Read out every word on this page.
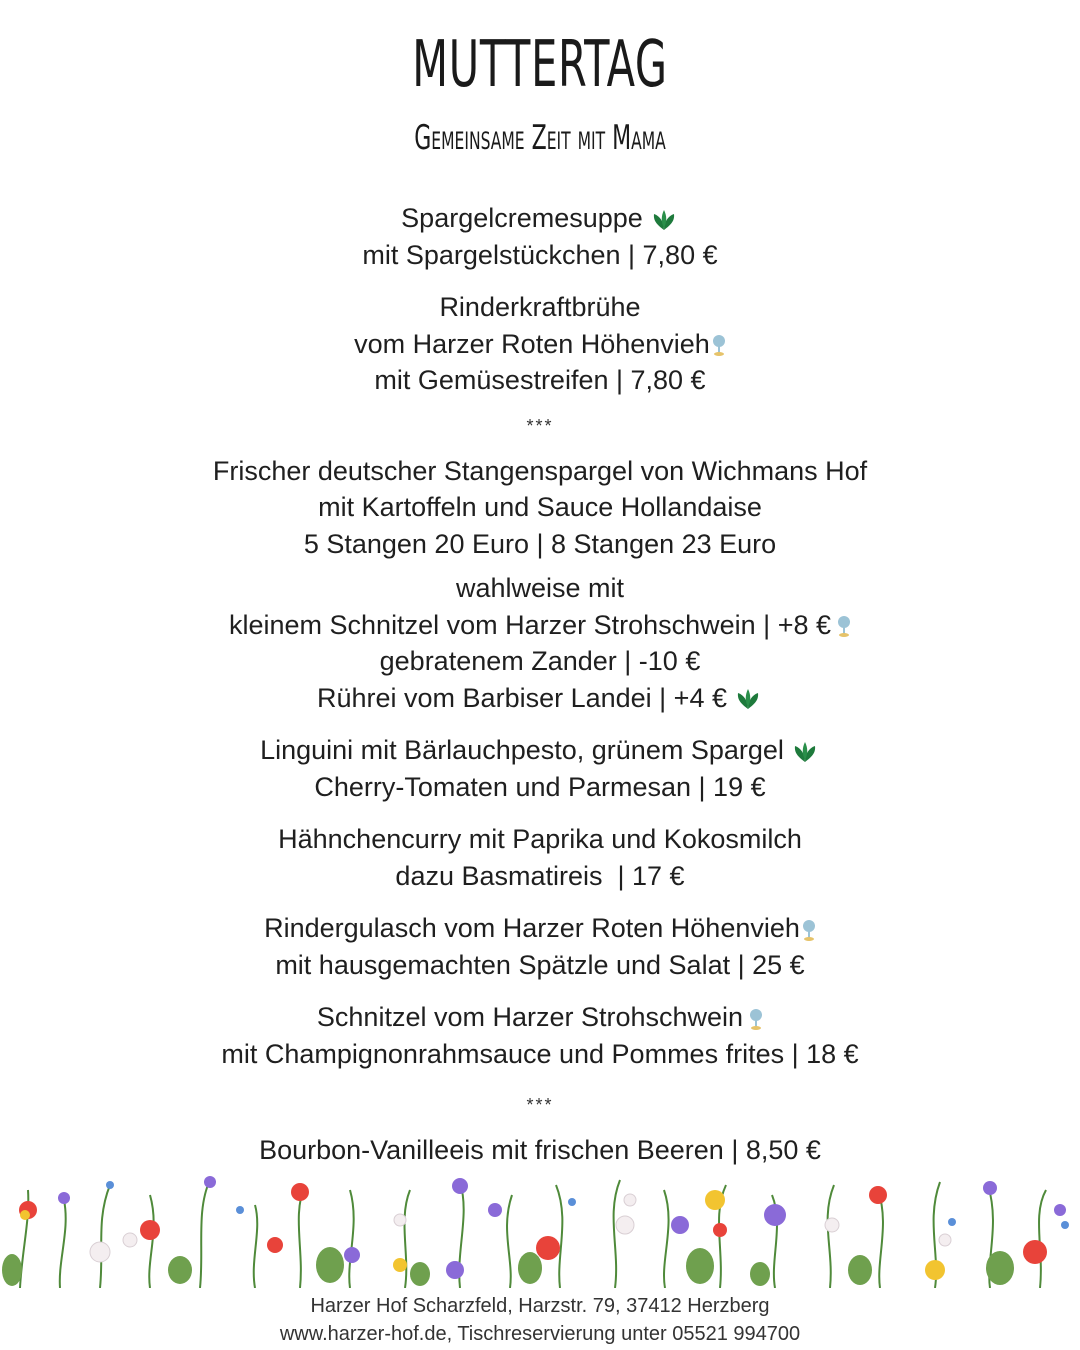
MUTTERTAG
Gemeinsame Zeit mit Mama
Spargelcremesuppe
mit Spargelstückchen | 7,80 €
Rinderkraftbrühe
vom Harzer Roten Höhenvieh
mit Gemüsestreifen | 7,80 €
***
Frischer deutscher Stangenspargel von Wichmans Hof
mit Kartoffeln und Sauce Hollandaise
5 Stangen 20 Euro | 8 Stangen 23 Euro
wahlweise mit
kleinem Schnitzel vom Harzer Strohschwein | +8 €
gebratenem Zander | -10 €
Rührei vom Barbiser Landei | +4 €
Linguini mit Bärlauchpesto, grünem Spargel
Cherry-Tomaten und Parmesan | 19 €
Hähnchencurry mit Paprika und Kokosmilch
dazu Basmatireis  | 17 €
Rindergulasch vom Harzer Roten Höhenvieh
mit hausgemachten Spätzle und Salat | 25 €
Schnitzel vom Harzer Strohschwein
mit Champignonrahmsauce und Pommes frites | 18 €
***
Bourbon-Vanilleeis mit frischen Beeren | 8,50 €
Harzer Hof Scharzfeld, Harzstr. 79, 37412 Herzberg
www.harzer-hof.de, Tischreservierung unter 05521 994700
